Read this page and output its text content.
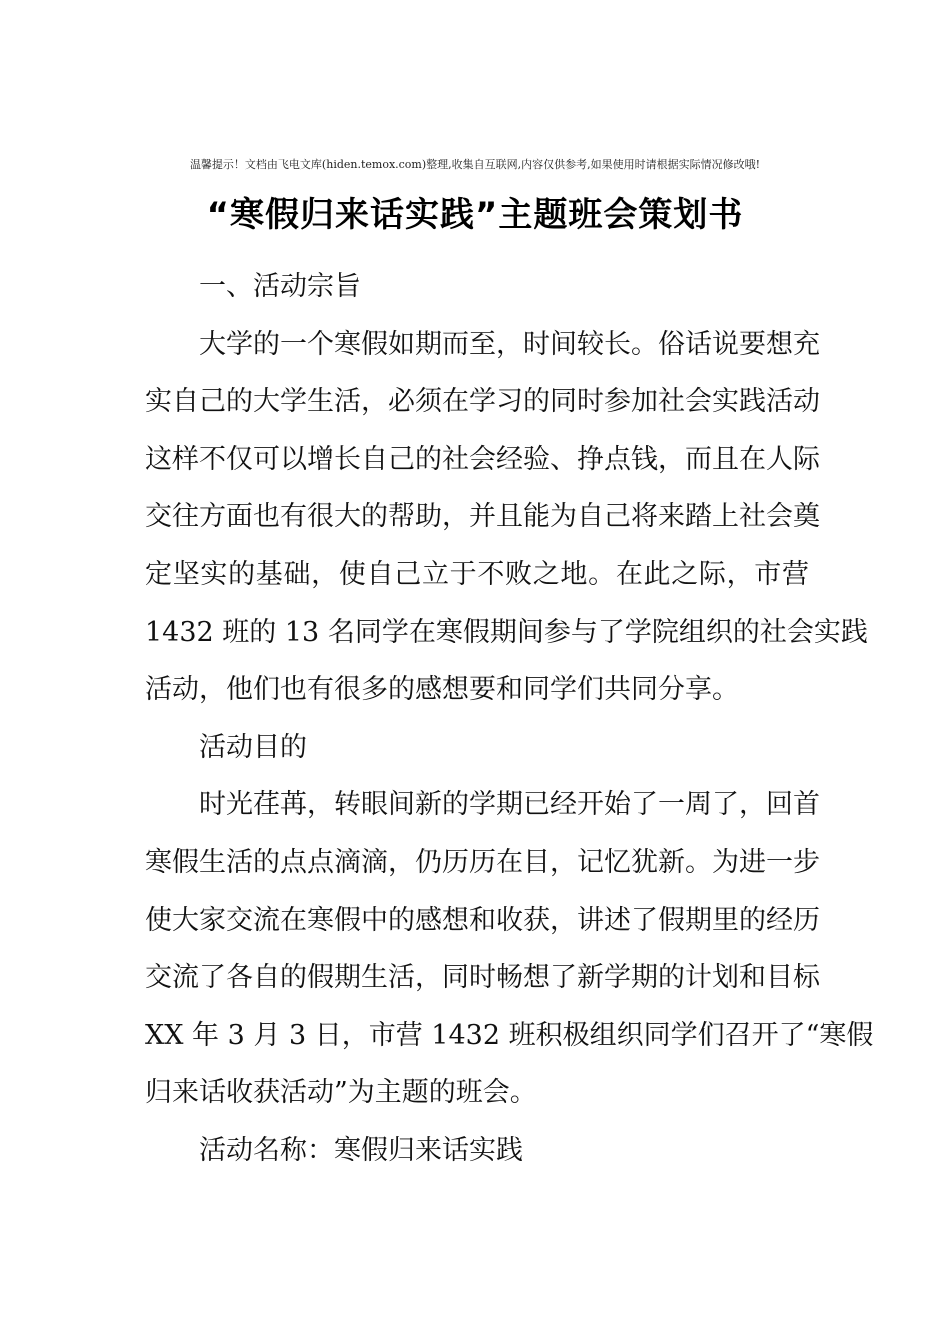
温馨提示！文档由飞电文库(hiden.temox.com)整理,收集自互联网,内容仅供参考,如果使用时请根据实际情况修改哦!
“寒假归来话实践”主题班会策划书
一、活动宗旨
大学的一个寒假如期而至，时间较长。俗话说要想充
实自己的大学生活，必须在学习的同时参加社会实践活动
这样不仅可以增长自己的社会经验、挣点钱，而且在人际
交往方面也有很大的帮助，并且能为自己将来踏上社会奠
定坚实的基础，使自己立于不败之地。在此之际，市营
1432 班的 13 名同学在寒假期间参与了学院组织的社会实践
活动，他们也有很多的感想要和同学们共同分享。
活动目的
时光荏苒，转眼间新的学期已经开始了一周了，回首
寒假生活的点点滴滴，仍历历在目，记忆犹新。为进一步
使大家交流在寒假中的感想和收获，讲述了假期里的经历
交流了各自的假期生活，同时畅想了新学期的计划和目标
XX 年 3 月 3 日，市营 1432 班积极组织同学们召开了“寒假
归来话收获活动”为主题的班会。
活动名称：寒假归来话实践
